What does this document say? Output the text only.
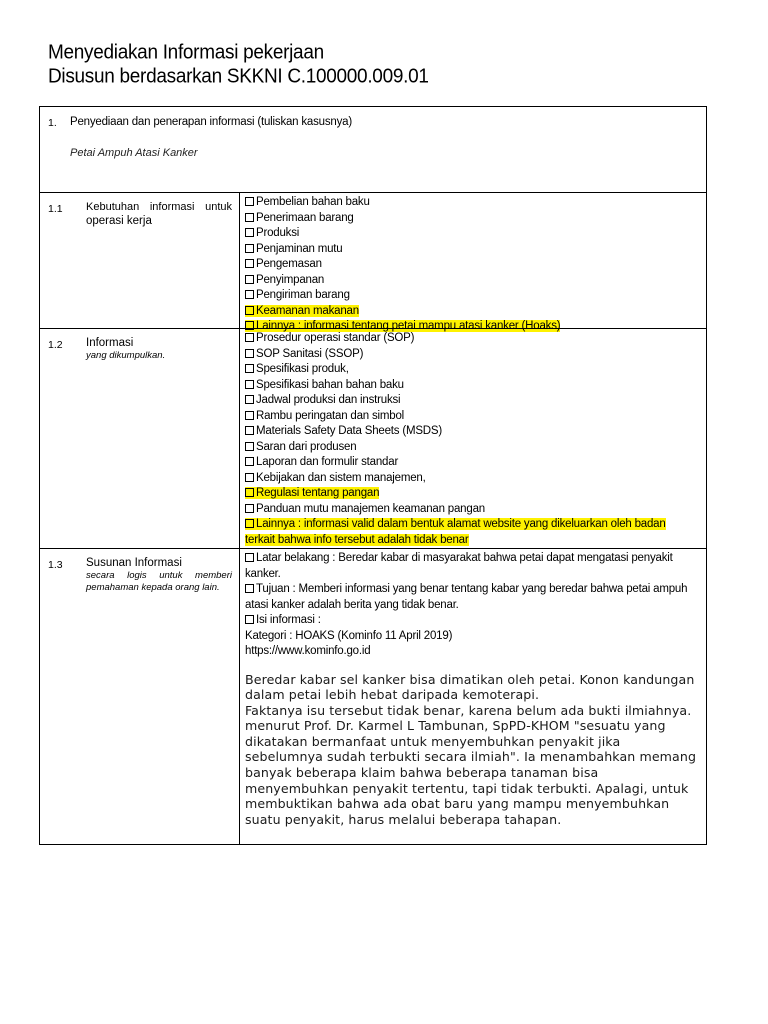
Menyediakan Informasi pekerjaan
Disusun berdasarkan SKKNI C.100000.009.01
1. Penyediaan dan penerapan informasi (tuliskan kasusnya)
Petai Ampuh Atasi Kanker
1.1 Kebutuhan informasi untuk
operasi kerja
Pembelian bahan baku
Penerimaan barang
Produksi
Penjaminan mutu
Pengemasan
Penyimpanan
Pengiriman barang
Keamanan makanan
Lainnya : informasi tentang petai mampu atasi kanker (Hoaks)
1.2 Informasi
yang dikumpulkan.
Prosedur operasi standar (SOP)
SOP Sanitasi (SSOP)
Spesifikasi produk,
Spesifikasi bahan bahan baku
Jadwal produksi dan instruksi
Rambu peringatan dan simbol
Materials Safety Data Sheets (MSDS)
Saran dari produsen
Laporan dan formulir standar
Kebijakan dan sistem manajemen,
Regulasi tentang pangan
Panduan mutu manajemen keamanan pangan
Lainnya : informasi valid dalam bentuk alamat website yang dikeluarkan oleh badan terkait bahwa info tersebut adalah tidak benar
1.3 Susunan Informasi
secara logis untuk memberi pemahaman kepada orang lain.
Latar belakang : Beredar kabar di masyarakat bahwa petai dapat mengatasi penyakit kanker.
Tujuan : Memberi informasi yang benar tentang kabar yang beredar bahwa petai ampuh atasi kanker adalah berita yang tidak benar.
Isi informasi :
Kategori : HOAKS (Kominfo 11 April 2019)
https://www.kominfo.go.id

Beredar kabar sel kanker bisa dimatikan oleh petai. Konon kandungan dalam petai lebih hebat daripada kemoterapi.

Faktanya isu tersebut tidak benar, karena belum ada bukti ilmiahnya. menurut Prof. Dr. Karmel L Tambunan, SpPD-KHOM "sesuatu yang dikatakan bermanfaat untuk menyembuhkan penyakit jika sebelumnya sudah terbukti secara ilmiah". Ia menambahkan memang banyak beberapa klaim bahwa beberapa tanaman bisa menyembuhkan penyakit tertentu, tapi tidak terbukti. Apalagi, untuk membuktikan bahwa ada obat baru yang mampu menyembuhkan suatu penyakit, harus melalui beberapa tahapan.
